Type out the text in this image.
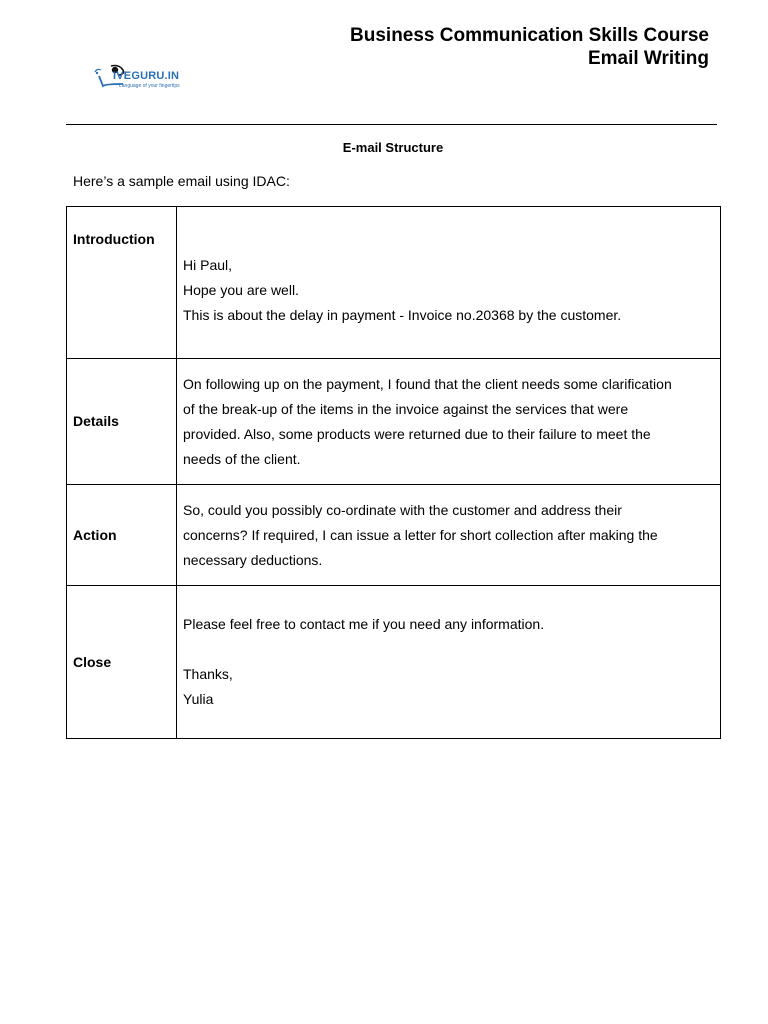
Business Communication Skills Course
Email Writing
IVEGURU.IN
Language of your fingertips
E-mail Structure
Here’s a sample email using IDAC:
Introduction	Hi Paul,
Hope you are well.
This is about the delay in payment - Invoice no.20368 by the customer.

Details	On following up on the payment, I found that the client needs some clarification
of the break-up of the items in the invoice against the services that were
provided. Also, some products were returned due to their failure to meet the
needs of the client.

Action	So, could you possibly co-ordinate with the customer and address their
concerns? If required, I can issue a letter for short collection after making the
necessary deductions.

Close	Please feel free to contact me if you need any information.
Thanks,
Yulia
